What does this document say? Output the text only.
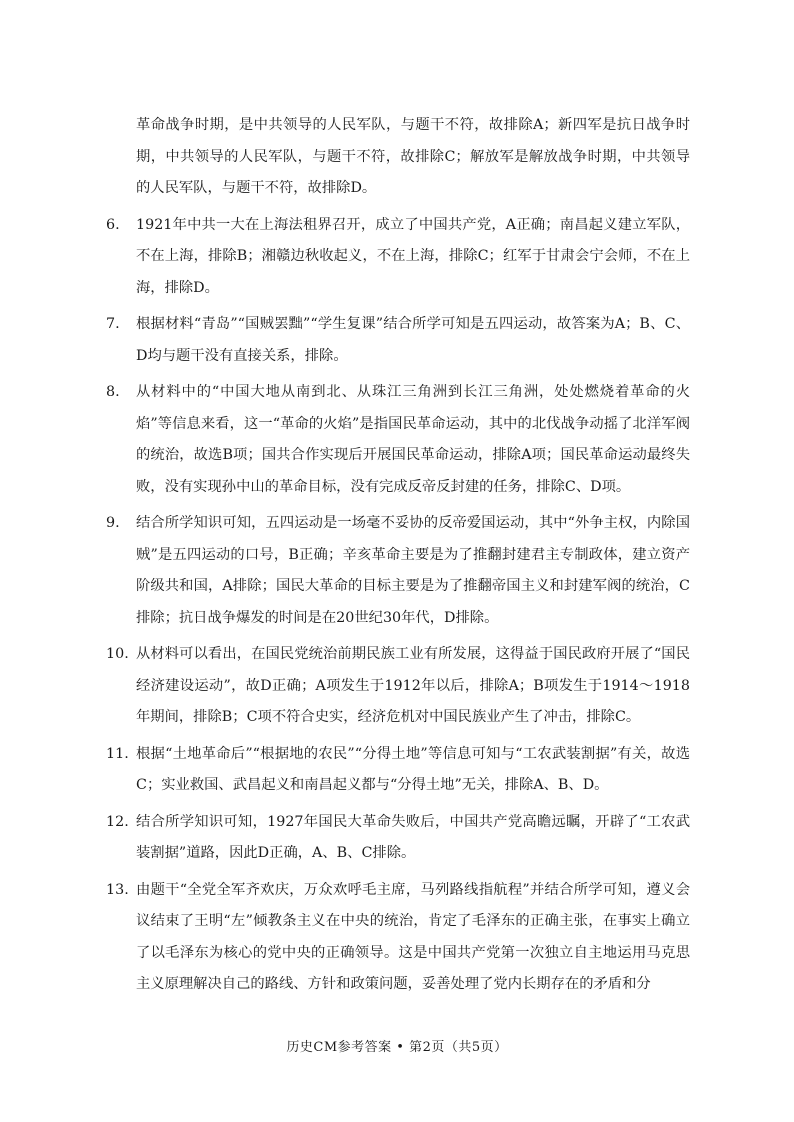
革命战争时期，是中共领导的人民军队，与题干不符，故排除A；新四军是抗日战争时期，中共领导的人民军队，与题干不符，故排除C；解放军是解放战争时期，中共领导的人民军队，与题干不符，故排除D。

6. 1921年中共一大在上海法租界召开，成立了中国共产党，A正确；南昌起义建立军队，不在上海，排除B；湘赣边秋收起义，不在上海，排除C；红军于甘肃会宁会师，不在上海，排除D。
7. 根据材料“青岛”“国贼罢黜”“学生复课”结合所学可知是五四运动，故答案为A；B、C、D均与题干没有直接关系，排除。
8. 从材料中的“中国大地从南到北、从珠江三角洲到长江三角洲，处处燃烧着革命的火焰”等信息来看，这一“革命的火焰”是指国民革命运动，其中的北伐战争动摇了北洋军阀的统治，故选B项；国共合作实现后开展国民革命运动，排除A项；国民革命运动最终失败，没有实现孙中山的革命目标，没有完成反帝反封建的任务，排除C、D项。
9. 结合所学知识可知，五四运动是一场毫不妥协的反帝爱国运动，其中“外争主权，内除国贼”是五四运动的口号，B正确；辛亥革命主要是为了推翻封建君主专制政体，建立资产阶级共和国，A排除；国民大革命的目标主要是为了推翻帝国主义和封建军阀的统治，C排除；抗日战争爆发的时间是在20世纪30年代，D排除。
10. 从材料可以看出，在国民党统治前期民族工业有所发展，这得益于国民政府开展了“国民经济建设运动”，故D正确；A项发生于1912年以后，排除A；B项发生于1914～1918年期间，排除B；C项不符合史实，经济危机对中国民族业产生了冲击，排除C。
11. 根据“土地革命后”“根据地的农民”“分得土地”等信息可知与“工农武装割据”有关，故选C；实业救国、武昌起义和南昌起义都与“分得土地”无关，排除A、B、D。
12. 结合所学知识可知，1927年国民大革命失败后，中国共产党高瞻远瞩，开辟了“工农武装割据”道路，因此D正确，A、B、C排除。
13. 由题干“全党全军齐欢庆，万众欢呼毛主席，马列路线指航程”并结合所学可知，遵义会议结束了王明“左”倾教条主义在中央的统治，肯定了毛泽东的正确主张，在事实上确立了以毛泽东为核心的党中央的正确领导。这是中国共产党第一次独立自主地运用马克思主义原理解决自己的路线、方针和政策问题，妥善处理了党内长期存在的矛盾和分
历史CM参考答案 • 第2页（共5页）
